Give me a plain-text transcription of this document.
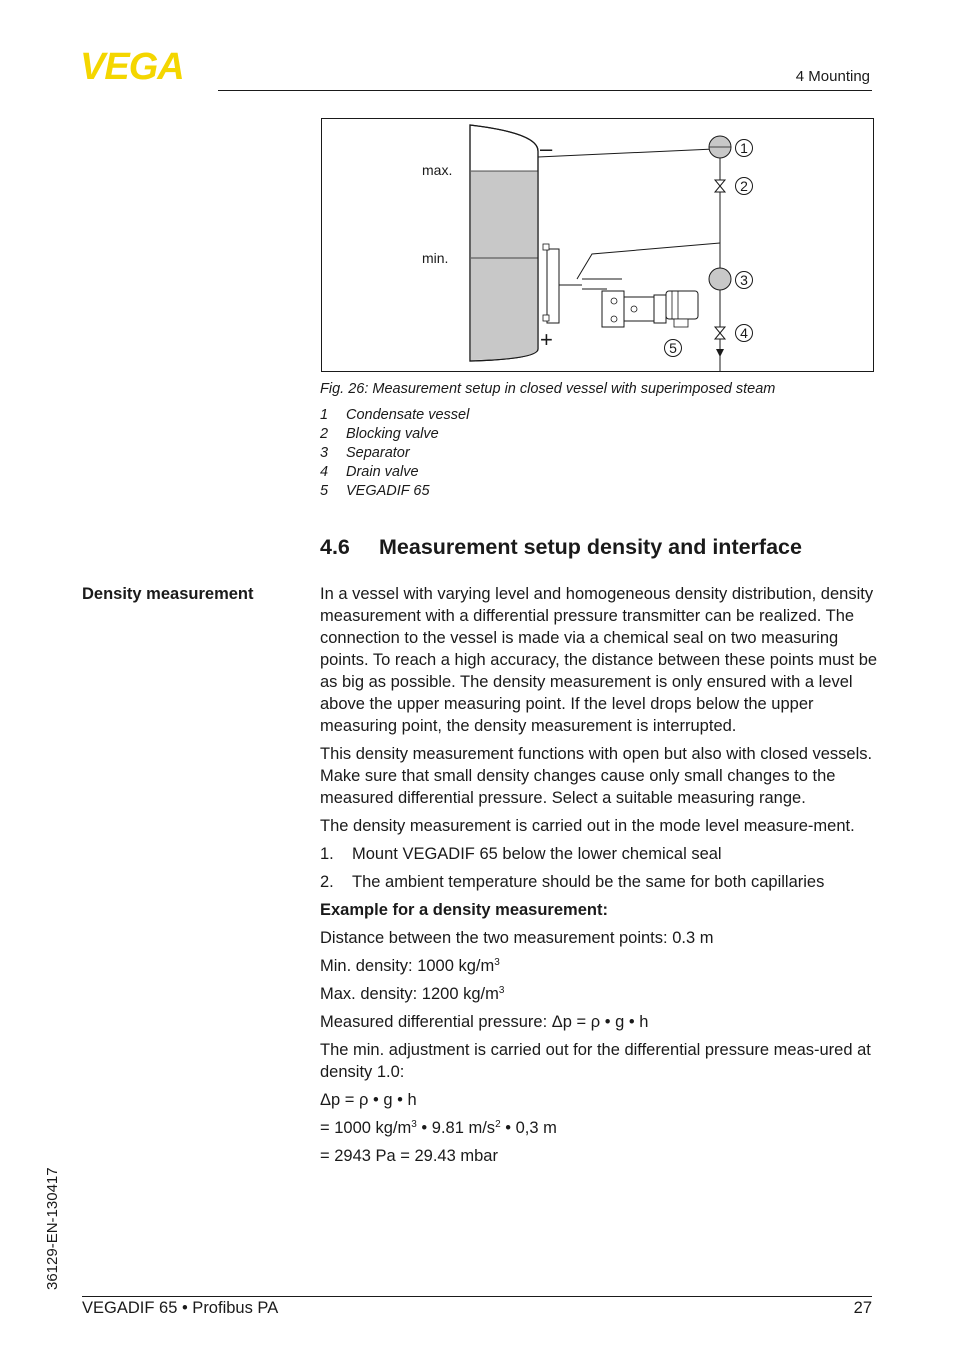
VEGA	4 Mounting
max.
min.
–
+
1
2
3
4
5
Fig. 26: Measurement setup in closed vessel with superimposed steam
1 Condensate vessel
2 Blocking valve
3 Separator
4 Drain valve
5 VEGADIF 65
4.6 Measurement setup density and interface
Density measurement	In a vessel with varying level and homogeneous density distribution, density measurement with a differential pressure transmitter can be realized. The connection to the vessel is made via a chemical seal on two measuring points. To reach a high accuracy, the distance between these points must be as big as possible. The density measurement is only ensured with a level above the upper measuring point. If the level drops below the upper measuring point, the density measurement is interrupted.

This density measurement functions with open but also with closed vessels. Make sure that small density changes cause only small changes to the measured differential pressure. Select a suitable measuring range.

The density measurement is carried out in the mode level measure-ment.

1. Mount VEGADIF 65 below the lower chemical seal
2. The ambient temperature should be the same for both capillaries

Example for a density measurement:

Distance between the two measurement points: 0.3 m

Min. density: 1000 $kg/m^3$

Max. density: 1200 $kg/m^3$

Measured differential pressure: Δp = ρ • g • h

The min. adjustment is carried out for the differential pressure meas-ured at density 1.0:

Δp = ρ • g • h

= 1000 $kg/m^3$ • 9.81 $m/s^2$ • 0,3 m

= 2943 Pa = 29.43 mbar

36129-EN-130417
VEGADIF 65 • Profibus PA	27
